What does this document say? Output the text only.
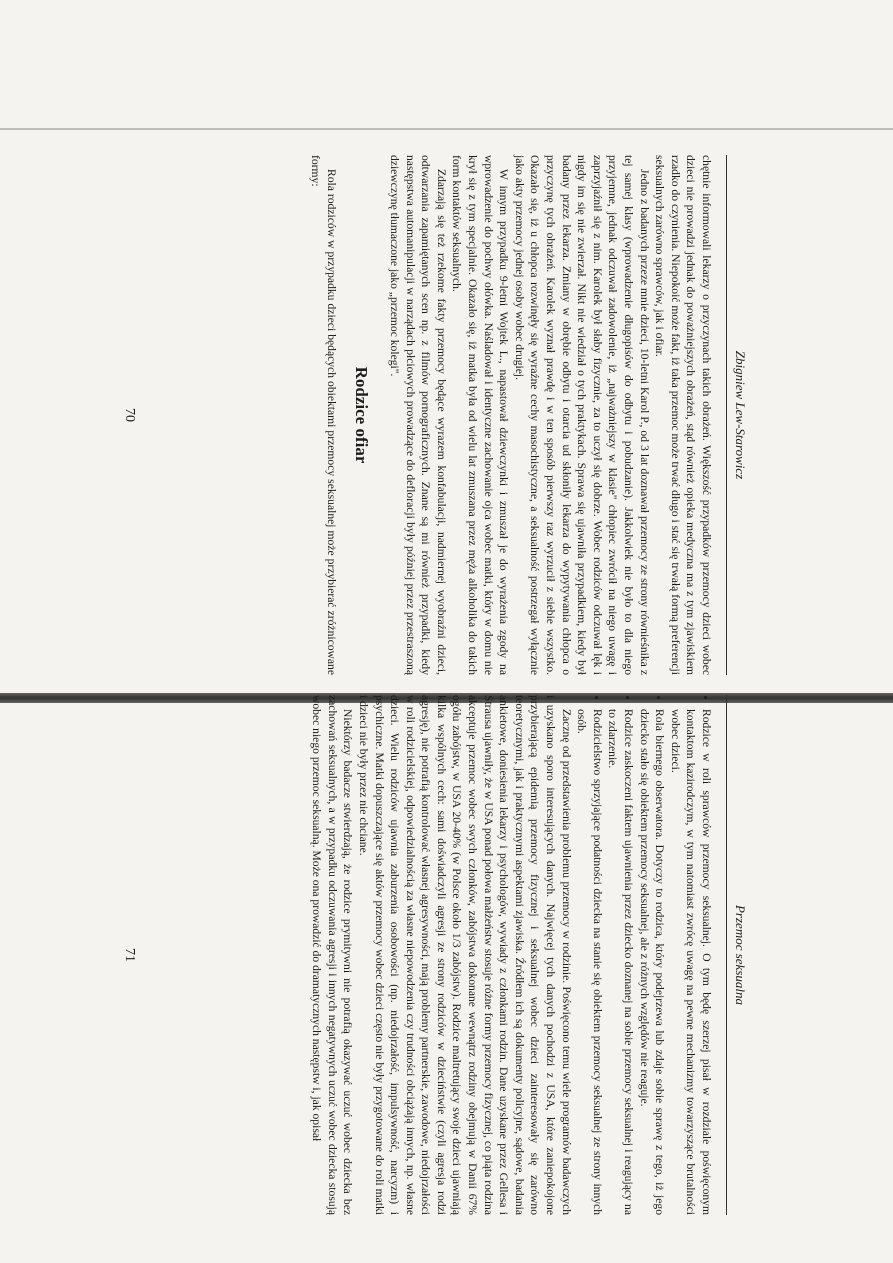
Zbigniew Lew-Starowicz

chętnie informowali lekarzy o przyczynach takich obrażeń. Większość przypadków przemocy dzieci wobec dzieci nie prowadzi jednak do poważniejszych obrażeń, stąd również opieka medyczna ma z tym zjawiskiem rzadko do czynienia. Niepokoić może fakt, iż taka przemoc może trwać długo i stać się trwałą formą preferencji seksualnych zarówno sprawców, jak i ofiar.

Jedno z badanych przeze mnie dzieci, 10-letni Karol P., od 3 lat doznawał przemocy ze strony równieśnika z tej samej klasy (wprowadzenie długopisów do odbytu i pobudzanie). Jakkolwiek nie było to dla niego przyjemne, jednak odczuwał zadowolenie, iż „najważniejszy w klasie" chłopiec zwrócił na niego uwagę i zaprzyjaźnił się z nim. Karolek był słaby fizycznie, za to uczył się dobrze. Wobec rodziców odczuwał lęk i nigdy im się nie zwierzał. Nikt nie wiedział o tych praktykach. Sprawa się ujawniła przypadkiem, kiedy był badany przez lekarza. Zmiany w obrębie odbytu i otarcia ud skłoniły lekarza do wypytywania chłopca o przyczynę tych obrażeń. Karolek wyznał prawdę i w ten sposób pierwszy raz wyrzucił z siebie wszystko. Okazało się, iż u chłopca rozwinęły się wyraźne cechy masochistyczne, a seksualność postrzegał wyłącznie jako akty przemocy jednej osoby wobec drugiej.

W innym przypadku 9-letni Wojtek L., napastował dziewczynki i zmuszał je do wyrażenia zgody na wprowadzenie do pochwy ołówka. Naśladował i identyczne zachowanie ojca wobec matki, który w domu nie krył się z tym specjalnie. Okazało się, iż matka była od wielu lat zmuszana przez męża alkoholika do takich form kontaktów seksualnych.

Zdarzają się też rzekome fakty przemocy będące wyrazem konfabulacji, nadmiernej wyobraźni dzieci, odtwarzania zapamiętanych scen np. z filmów pornograficznych. Znane są mi również przypadki, kiedy następstwa automanipulacji w narządach płciowych prowadzące do defloracji były później przez przestraszoną dziewczynę tłumaczone jako „przemoc kolegi".

Rodzice ofiar

Rola rodziców w przypadku dzieci będących obiektami przemocy seksualnej może przybierać zróżnicowane formy:

70
Przemoc seksualna
• Rodzice w roli sprawców przemocy seksualnej. O tym będę szerzej pisał w rozdziale poświęconym kontaktom kazirodczym, w tym natomiast zwrócę uwagę na pewne mechanizmy towarzyszące brutalności wobec dzieci.
• Rola biernego obserwatora. Dotyczy to rodzica, który podejrzewa lub zdaje sobie sprawę z tego, iż jego dziecko stało się obiektem przemocy seksualnej, ale z różnych względów nie reaguje.
• Rodzice zaskoczeni faktem ujawnienia przez dziecko doznanej na sobie przemocy seksualnej i reagujący na to zdarzenie.
• Rodzicielstwo sprzyjające podatności dziecka na stanie się obiektem przemocy seksualnej ze strony innych osób.

Zacznę od przedstawienia problemu przemocy w rodzinie. Poświęcono temu wiele programów badawczych i uzyskano sporo interesujących danych. Najwięcej tych danych pochodzi z USA, które zaniepokojone przybierającą epidemią przemocy fizycznej i seksualnej wobec dzieci zainteresowały się zarówno teoretycznymi, jak i praktycznymi aspektami zjawiska. Źródłem ich są dokumenty policyjne, sądowe, badania ankietowe, doniesienia lekarzy i psychologów, wywiady z członkami rodzin. Dane uzyskane przez Gellesa i Strausa ujawniły, że w USA ponad połowa małżeństw stosuje różne formy przemocy fizycznej, co piąta rodzina akceptuje przemoc wobec swych członków, zabójstwa dokonane wewnątrz rodziny obejmują w Danii 67% ogółu zabójstw, w USA 20-40% (w Polsce około 1/3 zabójstw). Rodzice maltretujący swoje dzieci ujawniają kilka wspólnych cech: sami doświadczyli agresji ze strony rodziców w dzieciństwie (czyli agresja rodzi agresję), nie potrafią kontrolować własnej agresywności, mają problemy partnerskie, zawodowe, niedojrzałości w roli rodzicielskiej, odpowiedzialnością za własne niepowodzenia czy trudności obciążają innych, np. własne dzieci. Wielu rodziców ujawnia zaburzenia osobowości (np. niedojrzałość, impulsywność, narcyzm) i psychiczne. Matki dopuszczające się aktów przemocy wobec dzieci często nie były przygotowane do roli matki i dzieci nie były przez nie chciane.

Niektórzy badacze stwierdzają, że rodzice prymitywni nie potrafią okazywać uczuć wobec dziecka bez zachowań seksualnych, a w przypadku odczuwania agresji i innych negatywnych uczuć wobec dziecka stosują wobec niego przemoc seksualną. Może ona prowadzić do dramatycznych następstw i, jak opisał

71
